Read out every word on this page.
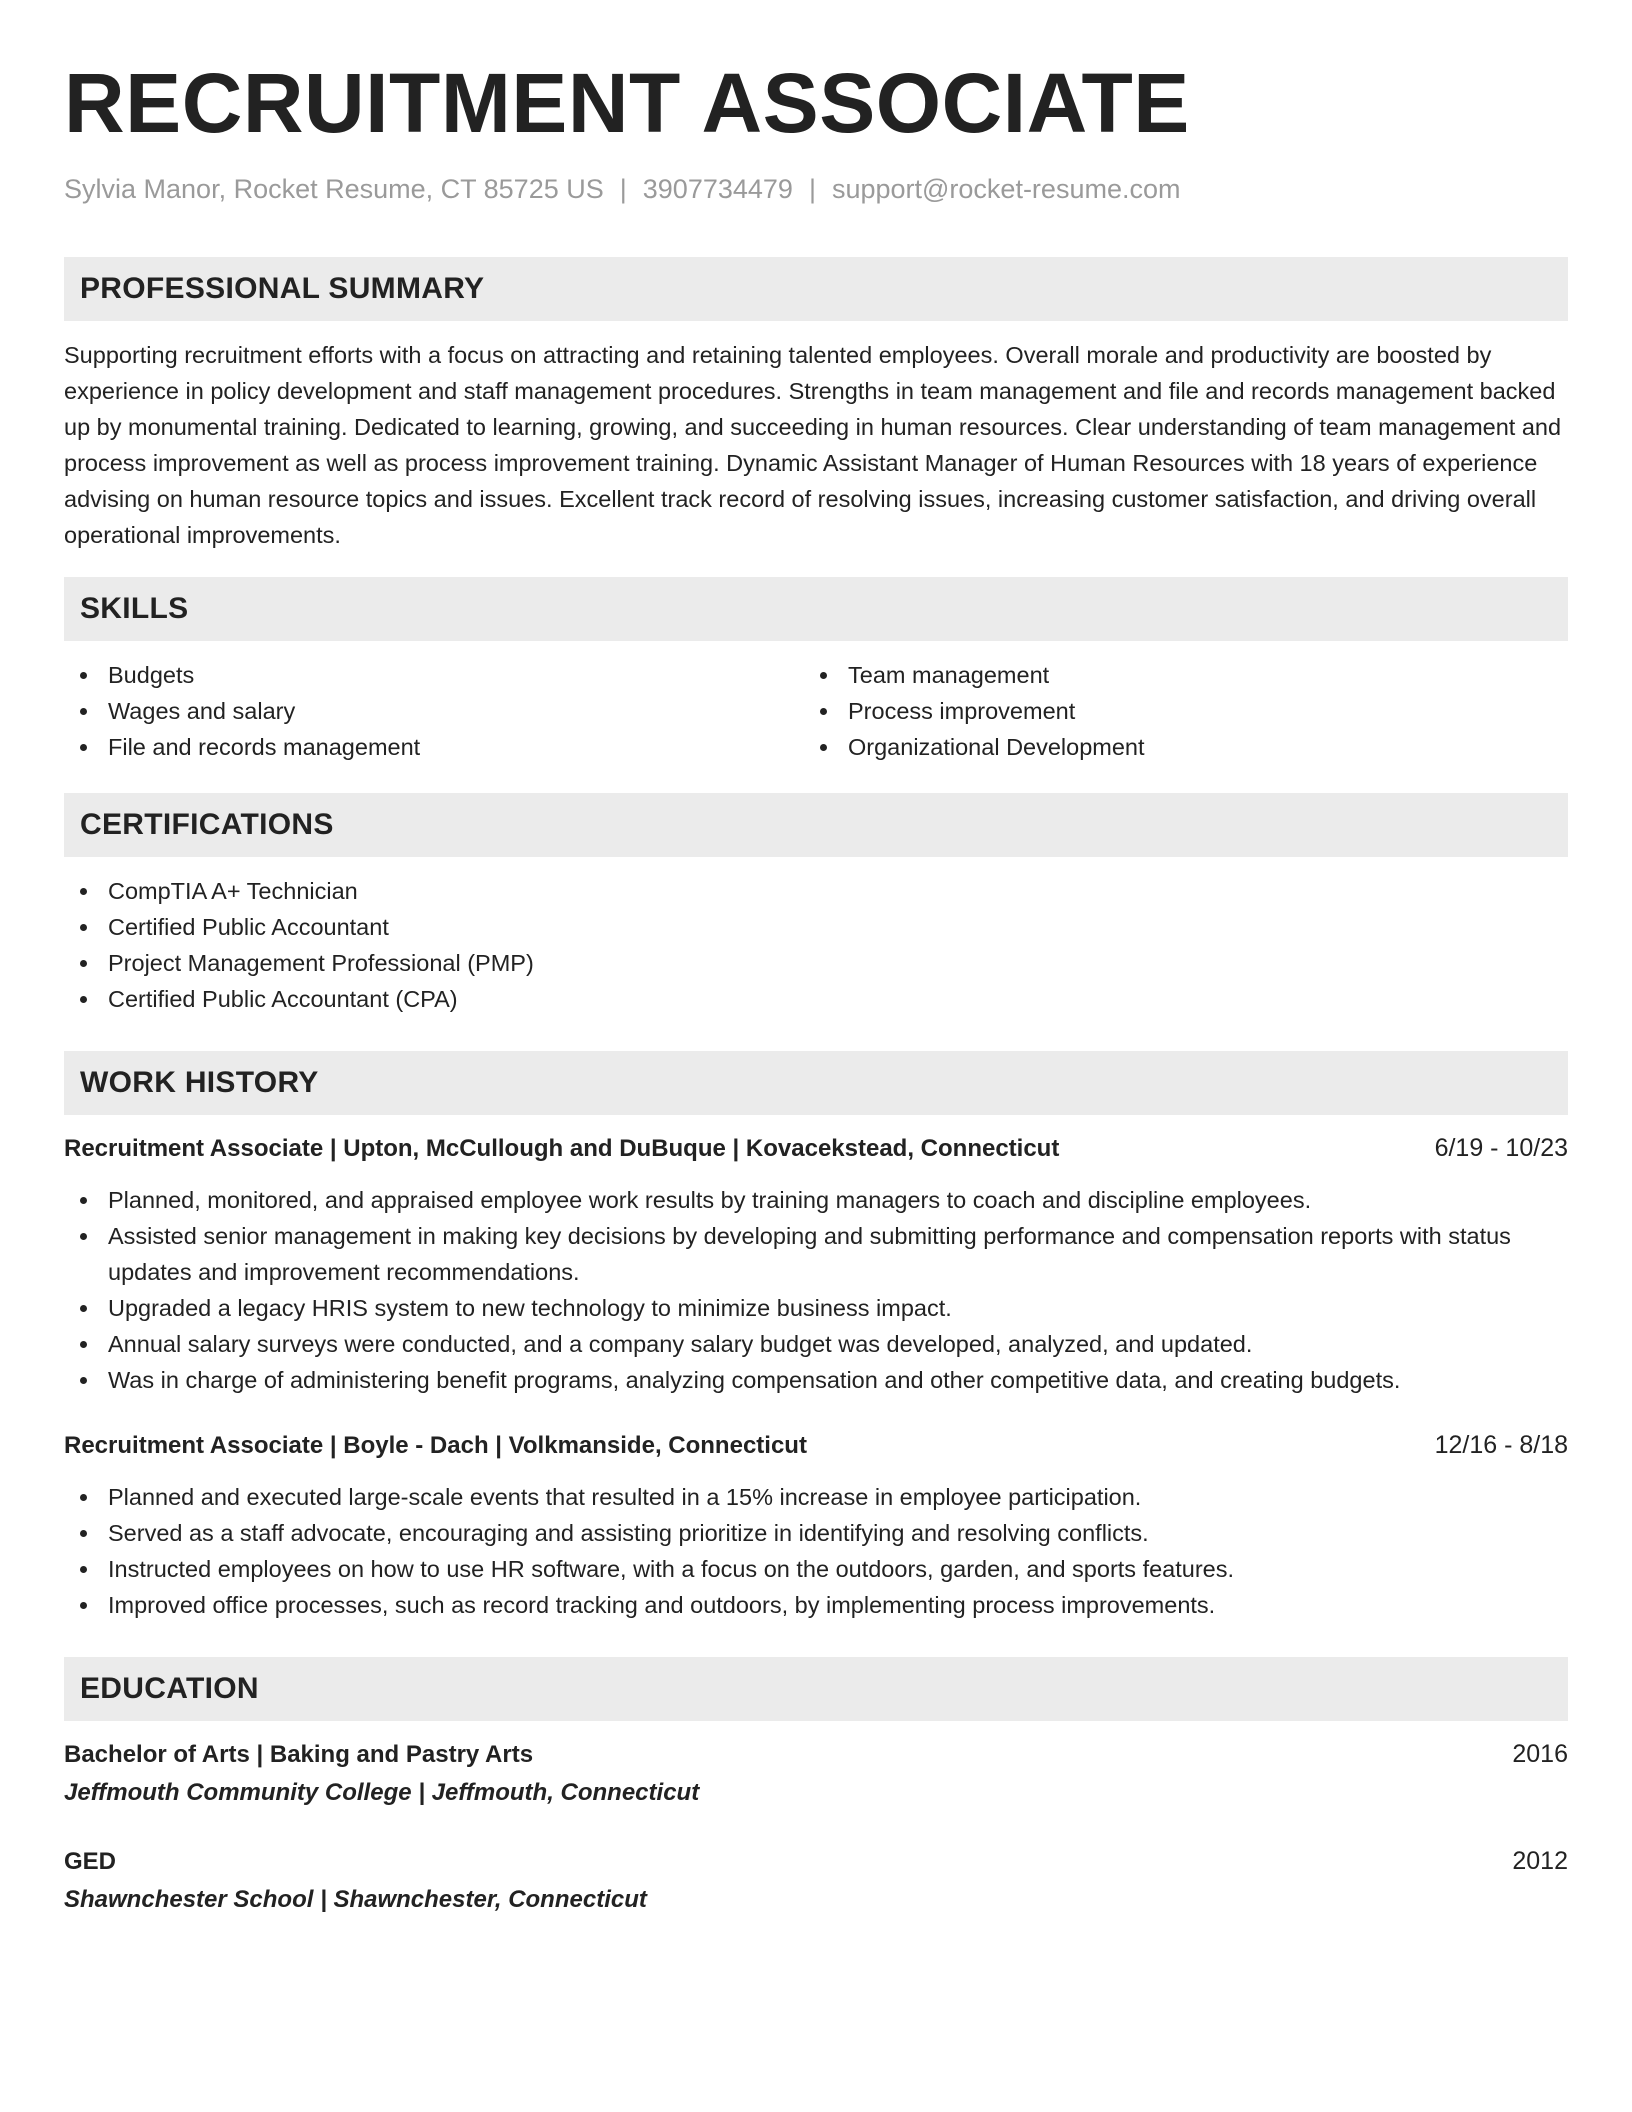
RECRUITMENT ASSOCIATE
Sylvia Manor, Rocket Resume, CT 85725 US | 3907734479 | support@rocket-resume.com
PROFESSIONAL SUMMARY

Supporting recruitment efforts with a focus on attracting and retaining talented employees. Overall morale and productivity are boosted by experience in policy development and staff management procedures. Strengths in team management and file and records management backed up by monumental training. Dedicated to learning, growing, and succeeding in human resources. Clear understanding of team management and process improvement as well as process improvement training. Dynamic Assistant Manager of Human Resources with 18 years of experience advising on human resource topics and issues. Excellent track record of resolving issues, increasing customer satisfaction, and driving overall operational improvements.

SKILLS
Budgets
Wages and salary
File and records management
Team management
Process improvement
Organizational Development
CERTIFICATIONS
CompTIA A+ Technician
Certified Public Accountant
Project Management Professional (PMP)
Certified Public Accountant (CPA)
WORK HISTORY
Recruitment Associate | Upton, McCullough and DuBuque | Kovacekstead, Connecticut	6/19 - 10/23
Planned, monitored, and appraised employee work results by training managers to coach and discipline employees.
Assisted senior management in making key decisions by developing and submitting performance and compensation reports with status updates and improvement recommendations.
Upgraded a legacy HRIS system to new technology to minimize business impact.
Annual salary surveys were conducted, and a company salary budget was developed, analyzed, and updated.
Was in charge of administering benefit programs, analyzing compensation and other competitive data, and creating budgets.
Recruitment Associate | Boyle - Dach | Volkmanside, Connecticut	12/16 - 8/18
Planned and executed large-scale events that resulted in a 15% increase in employee participation.
Served as a staff advocate, encouraging and assisting prioritize in identifying and resolving conflicts.
Instructed employees on how to use HR software, with a focus on the outdoors, garden, and sports features.
Improved office processes, such as record tracking and outdoors, by implementing process improvements.
EDUCATION
Bachelor of Arts | Baking and Pastry Arts	2016
Jeffmouth Community College | Jeffmouth, Connecticut
GED	2012
Shawnchester School | Shawnchester, Connecticut
